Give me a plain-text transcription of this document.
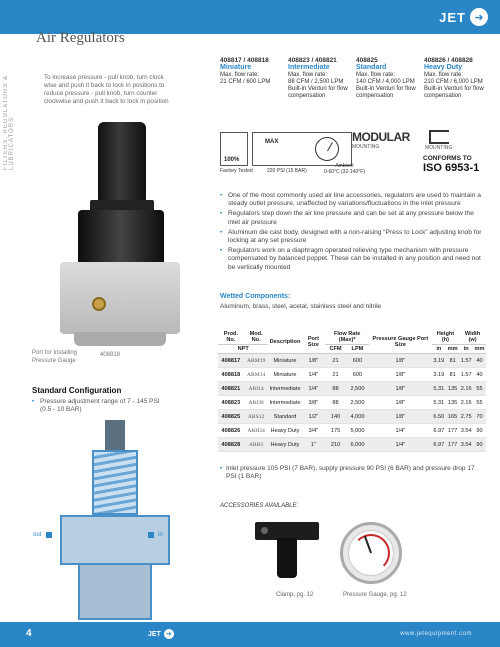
JET ➜
FILTERS, REGULATORS & LUBRICATORS
Air Regulators
To increase pressure - pull knob, turn clock wise and push it back to lock in positions to reduce pressure - pull knob, turn counter clockwise and push it back to lock in position
408817 / 408818
Miniature
Max. flow rate:
21 CFM / 600 LPM
408823 / 408821
Intermediate
Max. flow rate:
88 CFM / 2,500 LPM
Built-in Venturi for flow
compensation
408825
Standard
Max. flow rate:
140 CFM / 4,000 LPM
Built-in Venturi for flow
compensation
408826 / 408828
Heavy Duty
Max. flow rate:
210 CFM / 6,000 LPM
Built-in Venturi for flow
compensation
100%
MAX	MODULAR
MOUNTING	MOUNTING
Factory Tested	220 PSI (15 BAR)
Ambient
0-60°C (32-140°F)
CONFORMS TO
ISO 6953-1
Port for Installing
Pressure Gauge
408818
Standard Configuration
• Pressure adjustment range of 7 - 145 PSI (0.5 - 10 BAR)
out	in
• One of the most commonly used air line accessories, regulators are used to maintain a steady outlet pressure, unaffected by variations/fluctuations in the inlet pressure
• Regulators step down the air line pressure and can be set at any pressure below the inlet air pressure
• Aluminum die cast body, designed with a non-raising “Press to Lock” adjusting knob for locking at any set pressure
• Regulators work on a diaphragm operated relieving type mechanism with pressure compensated by balanced poppet. These can be installed in any position and need not be vertically mounted
Wetted Components:
Aluminum, brass, steel, acetal, stainless steel and nitrile
Prod. No.	Mod. No.	Description	Port Size	Flow Rate (Max)*		Pressure Gauge Port Size	Height (h)		Width (w)	
NPT				CFM	LPM		in	mm	in	mm
408817	ARM19	Miniature	1/8"	21	600	1/8"	3.19	81	1.57	40
408818	ARM14	Miniature	1/4"	21	600	1/8"	3.19	81	1.57	40
408821	ARI14	Intermediate	1/4"	88	2,500	1/8"	5.31	135	2.16	55
408823	ARI38	Intermediate	3/8"	88	2,500	1/8"	5.31	135	2.16	55
408825	ARS12	Standard	1/2"	140	4,000	1/8"	6.50	165	2.75	70
408826	ARH34	Heavy Duty	3/4"	175	5,000	1/4"	6.97	177	3.54	90
408828	ARH1	Heavy Duty	1"	210	6,000	1/4"	6.97	177	3.54	90
• Inlet pressure 105 PSI (7 BAR), supply pressure 90 PSI (6 BAR) and pressure drop 17 PSI (1 BAR)
ACCESSORIES AVAILABLE:
Clamp, pg. 12	Pressure Gauge, pg. 12
4	JET ➜	www.jetequipment.com
